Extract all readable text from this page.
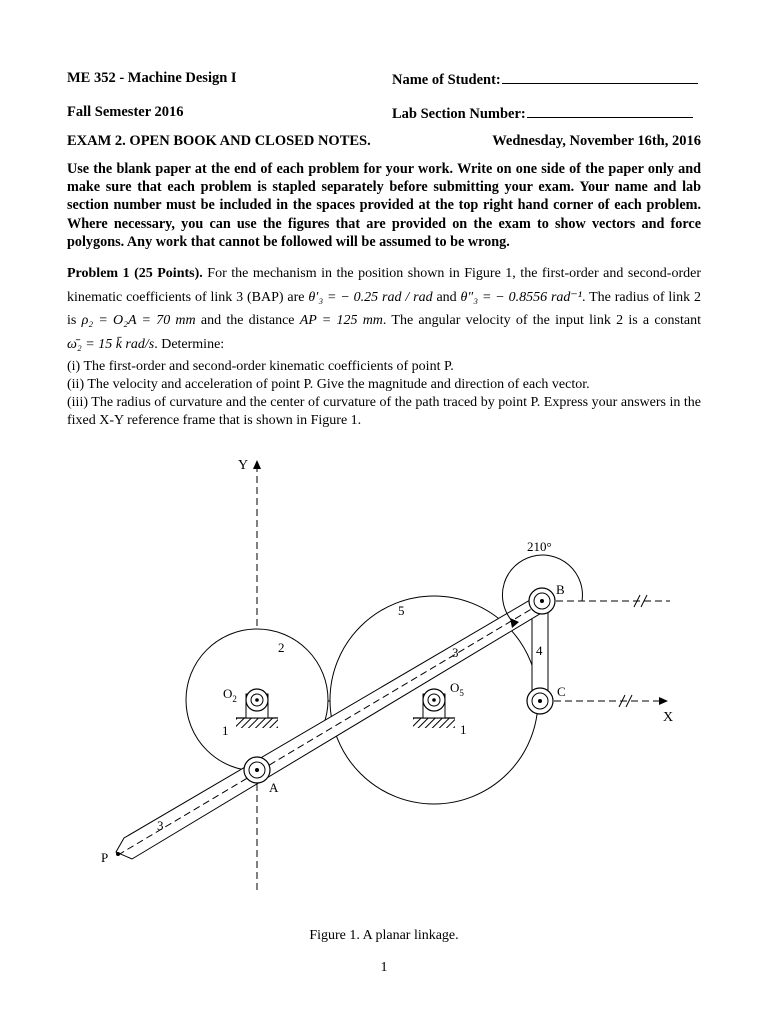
ME 352 - Machine Design I	Name of Student:
Fall Semester 2016	Lab Section Number:
EXAM 2. OPEN BOOK AND CLOSED NOTES.	Wednesday, November 16th, 2016
Use the blank paper at the end of each problem for your work. Write on one side of the paper only and make sure that each problem is stapled separately before submitting your exam. Your name and lab section number must be included in the spaces provided at the top right hand corner of each problem. Where necessary, you can use the figures that are provided on the exam to show vectors and force polygons. Any work that cannot be followed will be assumed to be wrong.
Problem 1 (25 Points). For the mechanism in the position shown in Figure 1, the first-order and second-order kinematic coefficients of link 3 (BAP) are θ′₃ = − 0.25 rad / rad and θ″₃ = − 0.8556 rad⁻¹. The radius of link 2 is ρ₂ = O₂A = 70 mm and the distance AP = 125 mm. The angular velocity of the input link 2 is a constant ω̄₂ = 15 k̄ rad/s. Determine:
(i) The first-order and second-order kinematic coefficients of point P.
(ii) The velocity and acceleration of point P. Give the magnitude and direction of each vector.
(iii) The radius of curvature and the center of curvature of the path traced by point P. Express your answers in the fixed X-Y reference frame that is shown in Figure 1.
Y
X
4
3
3
P
A
B
C
210°
$O_2$
1
2
$O_5$
1
5
Figure 1. A planar linkage.
1
